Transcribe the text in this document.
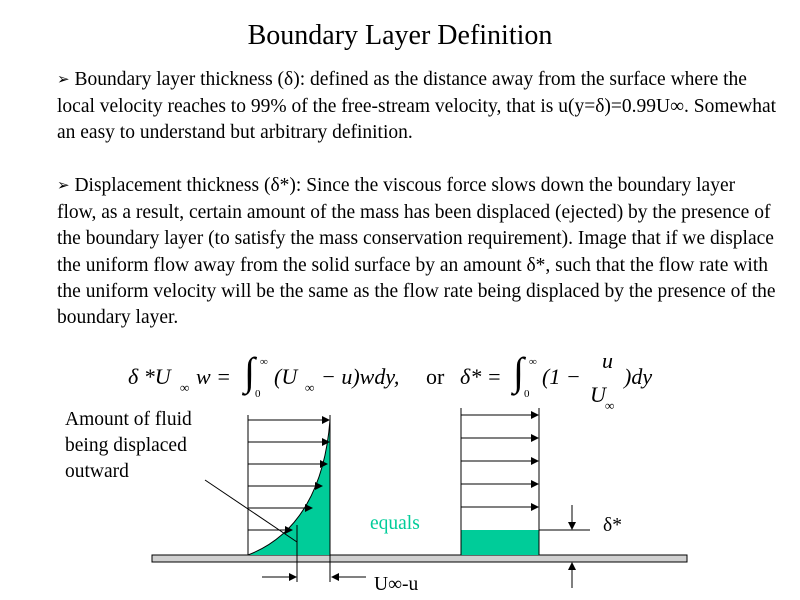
Boundary Layer Definition
➢ Boundary layer thickness (δ): defined as the distance away from the surface where the local velocity reaches to 99% of the free-stream velocity, that is u(y=δ)=0.99U∞. Somewhat an easy to understand but arbitrary definition.
➢ Displacement thickness (δ*): Since the viscous force slows down the boundary layer flow, as a result, certain amount of the mass has been displaced (ejected) by the presence of the boundary layer (to satisfy the mass conservation requirement). Image that if we displace the uniform flow away from the solid surface by an amount δ*, such that the flow rate with the uniform velocity will be the same as the flow rate being displaced by the presence of the boundary layer.
δ *U ∞ w = ∫ ∞
0
(U ∞ − u)wdy, or δ* = ∫ ∞
0
(1 −
u
U ∞
)dy
Amount of fluid
being displaced
outward
equals	δ*
U∞-u
